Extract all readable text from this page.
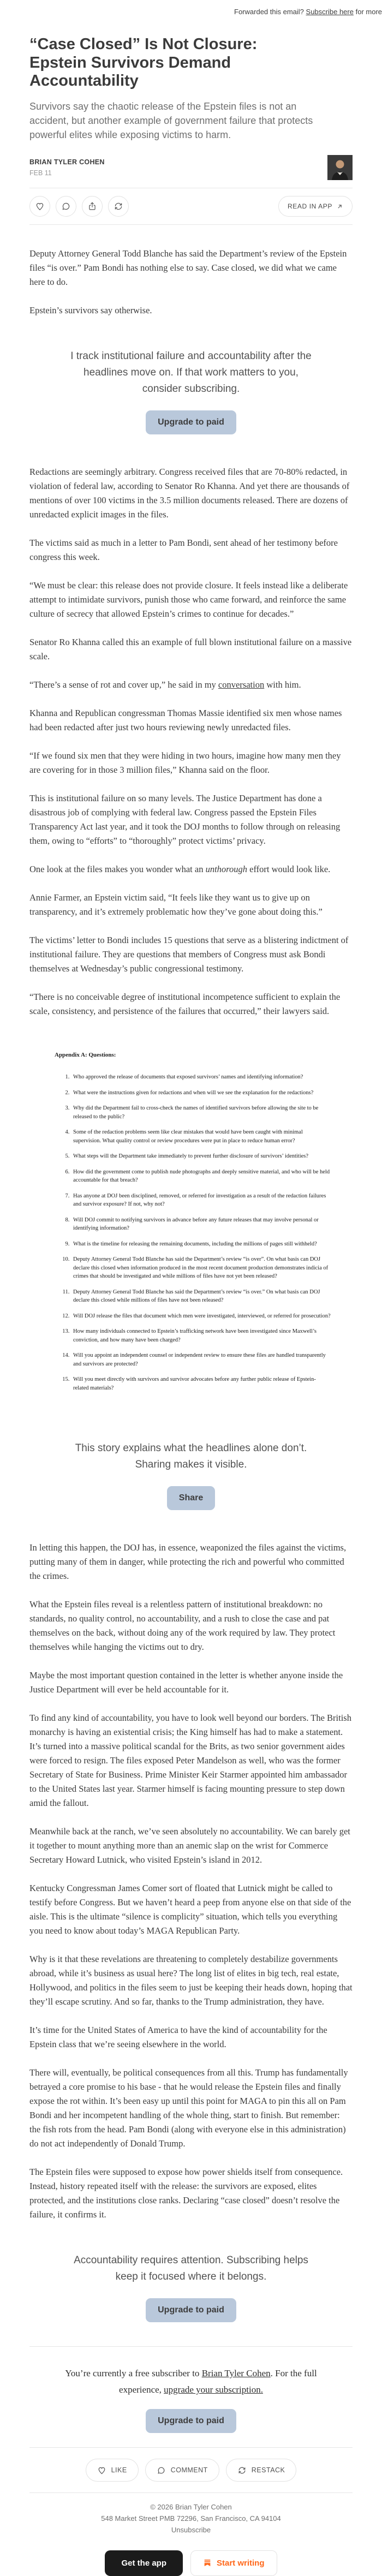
Forwarded this email? Subscribe here for more
“Case Closed” Is Not Closure:
Epstein Survivors Demand
Accountability
Survivors say the chaotic release of the Epstein files is not an
accident, but another example of government failure that protects
powerful elites while exposing victims to harm.
BRIAN TYLER COHEN
FEB 11
READ IN APP

Deputy Attorney General Todd Blanche has said the Department’s review of the Epstein files “is over.” Pam Bondi has nothing else to say. Case closed, we did what we came here to do.

Epstein’s survivors say otherwise.

I track institutional failure and accountability after the
headlines move on. If that work matters to you,
consider subscribing.
Upgrade to paid

Redactions are seemingly arbitrary. Congress received files that are 70-80% redacted, in violation of federal law, according to Senator Ro Khanna. And yet there are thousands of mentions of over 100 victims in the 3.5 million documents released. There are dozens of unredacted explicit images in the files.

The victims said as much in a letter to Pam Bondi, sent ahead of her testimony before congress this week.

“We must be clear: this release does not provide closure. It feels instead like a deliberate attempt to intimidate survivors, punish those who came forward, and reinforce the same culture of secrecy that allowed Epstein’s crimes to continue for decades.”

Senator Ro Khanna called this an example of full blown institutional failure on a massive scale.

“There’s a sense of rot and cover up,” he said in my conversation with him.

Khanna and Republican congressman Thomas Massie identified six men whose names had been redacted after just two hours reviewing newly unredacted files.

“If we found six men that they were hiding in two hours, imagine how many men they are covering for in those 3 million files,” Khanna said on the floor.

This is institutional failure on so many levels. The Justice Department has done a disastrous job of complying with federal law. Congress passed the Epstein Files Transparency Act last year, and it took the DOJ months to follow through on releasing them, owing to “efforts” to “thoroughly” protect victims’ privacy.

One look at the files makes you wonder what an unthorough effort would look like.

Annie Farmer, an Epstein victim said, “It feels like they want us to give up on transparency, and it’s extremely problematic how they’ve gone about doing this.”

The victims’ letter to Bondi includes 15 questions that serve as a blistering indictment of institutional failure. They are questions that members of Congress must ask Bondi themselves at Wednesday’s public congressional testimony.

“There is no conceivable degree of institutional incompetence sufficient to explain the scale, consistency, and persistence of the failures that occurred,” their lawyers said.

Appendix A: Questions:
1. Who approved the release of documents that exposed survivors’ names and identifying information?
2. What were the instructions given for redactions and when will we see the explanation for the redactions?
3. Why did the Department fail to cross-check the names of identified survivors before allowing the site to be released to the public?
4. Some of the redaction problems seem like clear mistakes that would have been caught with minimal supervision. What quality control or review procedures were put in place to reduce human error?
5. What steps will the Department take immediately to prevent further disclosure of survivors’ identities?
6. How did the government come to publish nude photographs and deeply sensitive material, and who will be held accountable for that breach?
7. Has anyone at DOJ been disciplined, removed, or referred for investigation as a result of the redaction failures and survivor exposure? If not, why not?
8. Will DOJ commit to notifying survivors in advance before any future releases that may involve personal or identifying information?
9. What is the timeline for releasing the remaining documents, including the millions of pages still withheld?
10. Deputy Attorney General Todd Blanche has said the Department’s review “is over”. On what basis can DOJ declare this closed when information produced in the most recent document production demonstrates indicia of crimes that should be investigated and while millions of files have not yet been released?
11. Deputy Attorney General Todd Blanche has said the Department’s review “is over.” On what basis can DOJ declare this closed while millions of files have not been released?
12. Will DOJ release the files that document which men were investigated, interviewed, or referred for prosecution?
13. How many individuals connected to Epstein’s trafficking network have been investigated since Maxwell’s conviction, and how many have been charged?
14. Will you appoint an independent counsel or independent review to ensure these files are handled transparently and survivors are protected?
15. Will you meet directly with survivors and survivor advocates before any further public release of Epstein-related materials?
This story explains what the headlines alone don’t.
Sharing makes it visible.
Share

In letting this happen, the DOJ has, in essence, weaponized the files against the victims, putting many of them in danger, while protecting the rich and powerful who committed the crimes.

What the Epstein files reveal is a relentless pattern of institutional breakdown: no standards, no quality control, no accountability, and a rush to close the case and pat themselves on the back, without doing any of the work required by law. They protect themselves while hanging the victims out to dry.

Maybe the most important question contained in the letter is whether anyone inside the Justice Department will ever be held accountable for it.

To find any kind of accountability, you have to look well beyond our borders. The British monarchy is having an existential crisis; the King himself has had to make a statement. It’s turned into a massive political scandal for the Brits, as two senior government aides were forced to resign. The files exposed Peter Mandelson as well, who was the former Secretary of State for Business. Prime Minister Keir Starmer appointed him ambassador to the United States last year. Starmer himself is facing mounting pressure to step down amid the fallout.

Meanwhile back at the ranch, we’ve seen absolutely no accountability. We can barely get it together to mount anything more than an anemic slap on the wrist for Commerce Secretary Howard Lutnick, who visited Epstein’s island in 2012.

Kentucky Congressman James Comer sort of floated that Lutnick might be called to testify before Congress. But we haven’t heard a peep from anyone else on that side of the aisle. This is the ultimate “silence is complicity” situation, which tells you everything you need to know about today’s MAGA Republican Party.

Why is it that these revelations are threatening to completely destabilize governments abroad, while it’s business as usual here? The long list of elites in big tech, real estate, Hollywood, and politics in the files seem to just be keeping their heads down, hoping that they’ll escape scrutiny. And so far, thanks to the Trump administration, they have.

It’s time for the United States of America to have the kind of accountability for the Epstein class that we’re seeing elsewhere in the world.

There will, eventually, be political consequences from all this. Trump has fundamentally betrayed a core promise to his base - that he would release the Epstein files and finally expose the rot within. It’s been easy up until this point for MAGA to pin this all on Pam Bondi and her incompetent handling of the whole thing, start to finish. But remember: the fish rots from the head. Pam Bondi (along with everyone else in this administration) do not act independently of Donald Trump.

The Epstein files were supposed to expose how power shields itself from consequence. Instead, history repeated itself with the release: the survivors are exposed, elites protected, and the institutions close ranks. Declaring “case closed” doesn’t resolve the failure, it confirms it.

Accountability requires attention. Subscribing helps
keep it focused where it belongs.
Upgrade to paid
You’re currently a free subscriber to Brian Tyler Cohen. For the full
experience, upgrade your subscription.
Upgrade to paid
LIKE	COMMENT	RESTACK
© 2026 Brian Tyler Cohen
548 Market Street PMB 72296, San Francisco, CA 94104
Unsubscribe
Get the app	Start writing
